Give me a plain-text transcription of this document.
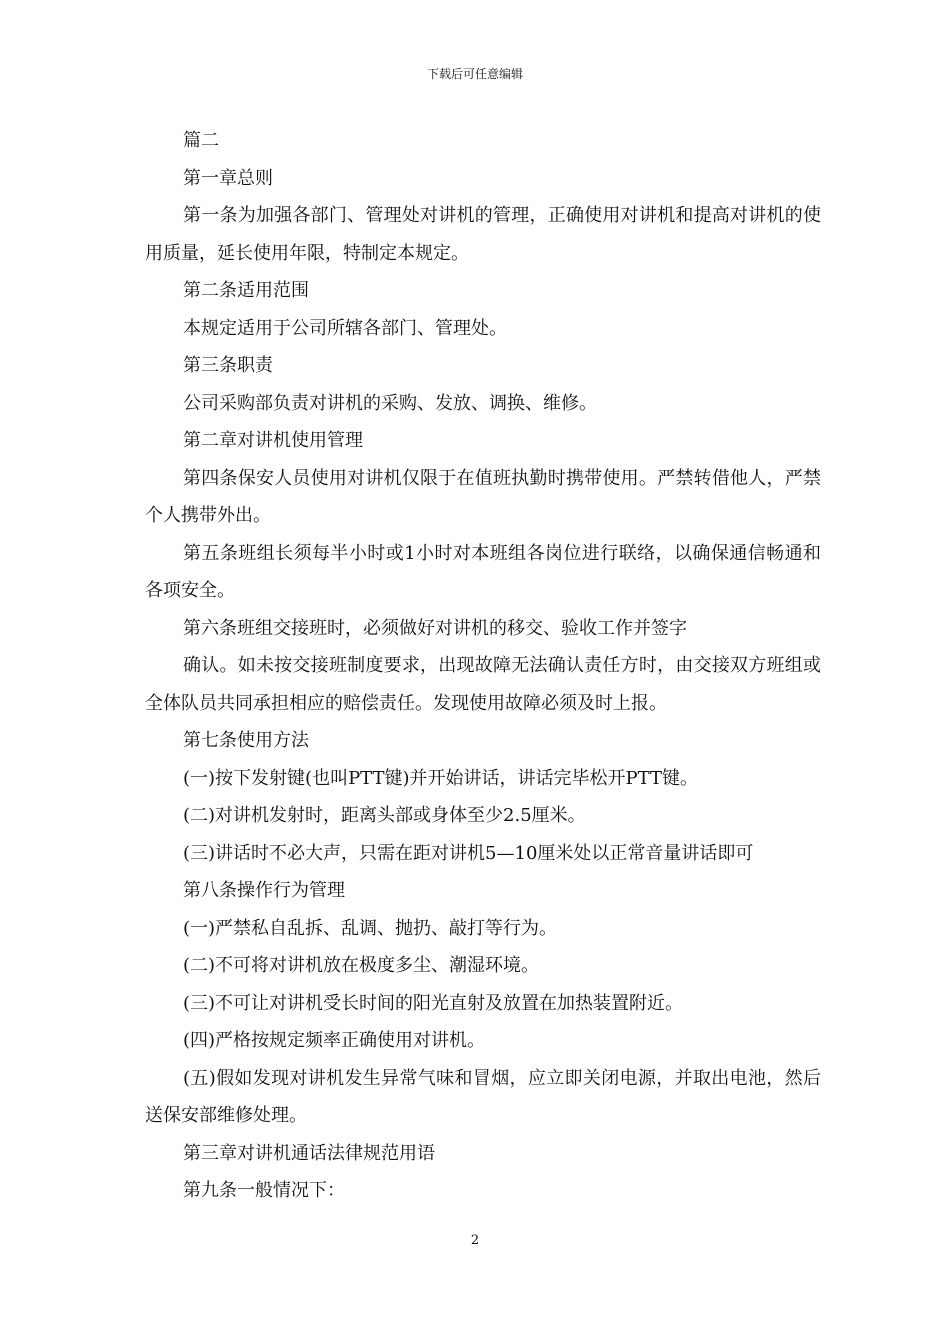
下载后可任意编辑

篇二

第一章总则

第一条为加强各部门、管理处对讲机的管理，正确使用对讲机和提高对讲机的使用质量，延长使用年限，特制定本规定。

第二条适用范围

本规定适用于公司所辖各部门、管理处。

第三条职责

公司采购部负责对讲机的采购、发放、调换、维修。

第二章对讲机使用管理

第四条保安人员使用对讲机仅限于在值班执勤时携带使用。严禁转借他人，严禁个人携带外出。

第五条班组长须每半小时或1小时对本班组各岗位进行联络，以确保通信畅通和各项安全。

第六条班组交接班时，必须做好对讲机的移交、验收工作并签字

确认。如未按交接班制度要求，出现故障无法确认责任方时，由交接双方班组或全体队员共同承担相应的赔偿责任。发现使用故障必须及时上报。

第七条使用方法

(一)按下发射键(也叫PTT键)并开始讲话，讲话完毕松开PTT键。

(二)对讲机发射时，距离头部或身体至少2.5厘米。

(三)讲话时不必大声，只需在距对讲机5—10厘米处以正常音量讲话即可

第八条操作行为管理

(一)严禁私自乱拆、乱调、抛扔、敲打等行为。

(二)不可将对讲机放在极度多尘、潮湿环境。

(三)不可让对讲机受长时间的阳光直射及放置在加热装置附近。

(四)严格按规定频率正确使用对讲机。

(五)假如发现对讲机发生异常气味和冒烟，应立即关闭电源，并取出电池，然后送保安部维修处理。

第三章对讲机通话法律规范用语

第九条一般情况下：

2
